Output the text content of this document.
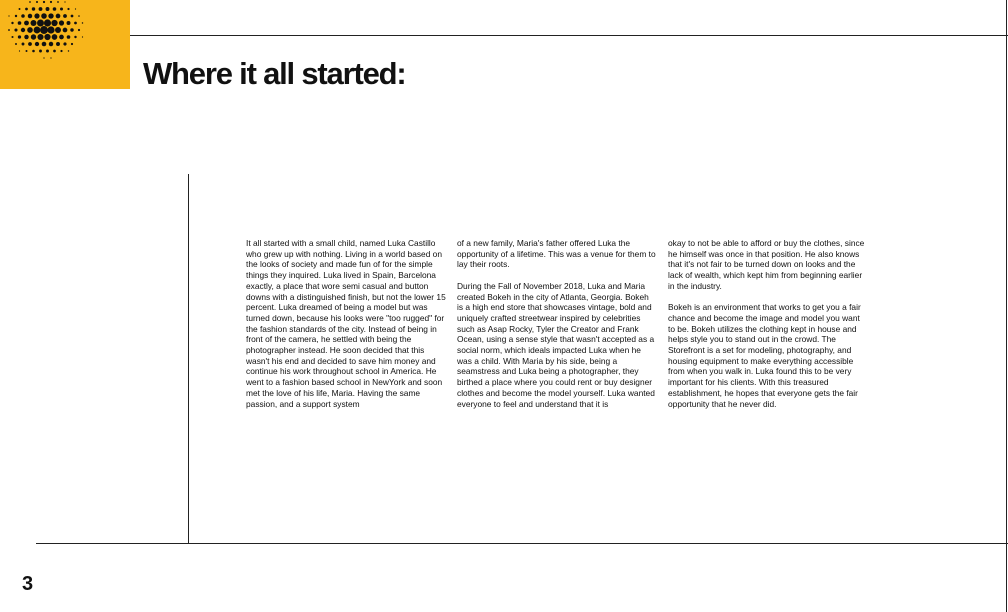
Where it all started:

It all started with a small child, named Luka Castillo who grew up with nothing. Living in a world based on the looks of society and made fun of for the simple things they inquired. Luka lived in Spain, Barcelona exactly, a place that wore semi casual and button downs with a distinguished finish, but not the lower 15 percent. Luka dreamed of being a model but was turned down, because his looks were "too rugged" for the fashion standards of the city. Instead of being in front of the camera, he settled with being the photographer instead. He soon decided that this wasn't his end and decided to save him money and continue his work throughout school in America. He went to a fashion based school in NewYork and soon met the love of his life, Maria. Having the same passion, and a support system

of a new family, Maria's father offered Luka the opportunity of a lifetime. This was a venue for them to lay their roots.

During the Fall of November 2018, Luka and Maria created Bokeh in the city of Atlanta, Georgia. Bokeh is a high end store that showcases vintage, bold and uniquely crafted streetwear inspired by celebrities such as Asap Rocky, Tyler the Creator and Frank Ocean, using a sense style that wasn't accepted as a social norm, which ideals impacted Luka when he was a child. With Maria by his side, being a seamstress and Luka being a photographer, they birthed a place where you could rent or buy designer clothes and become the model yourself. Luka wanted everyone to feel and understand that it is

okay to not be able to afford or buy the clothes, since he himself was once in that position. He also knows that it's not fair to be turned down on looks and the lack of wealth, which kept him from beginning earlier in the industry.

Bokeh is an environment that works to get you a fair chance and become the image and model you want to be. Bokeh utilizes the clothing kept in house and helps style you to stand out in the crowd. The Storefront is a set for modeling, photography, and housing equipment to make everything accessible from when you walk in. Luka found this to be very important for his clients. With this treasured establishment, he hopes that everyone gets the fair opportunity that he never did.

3
